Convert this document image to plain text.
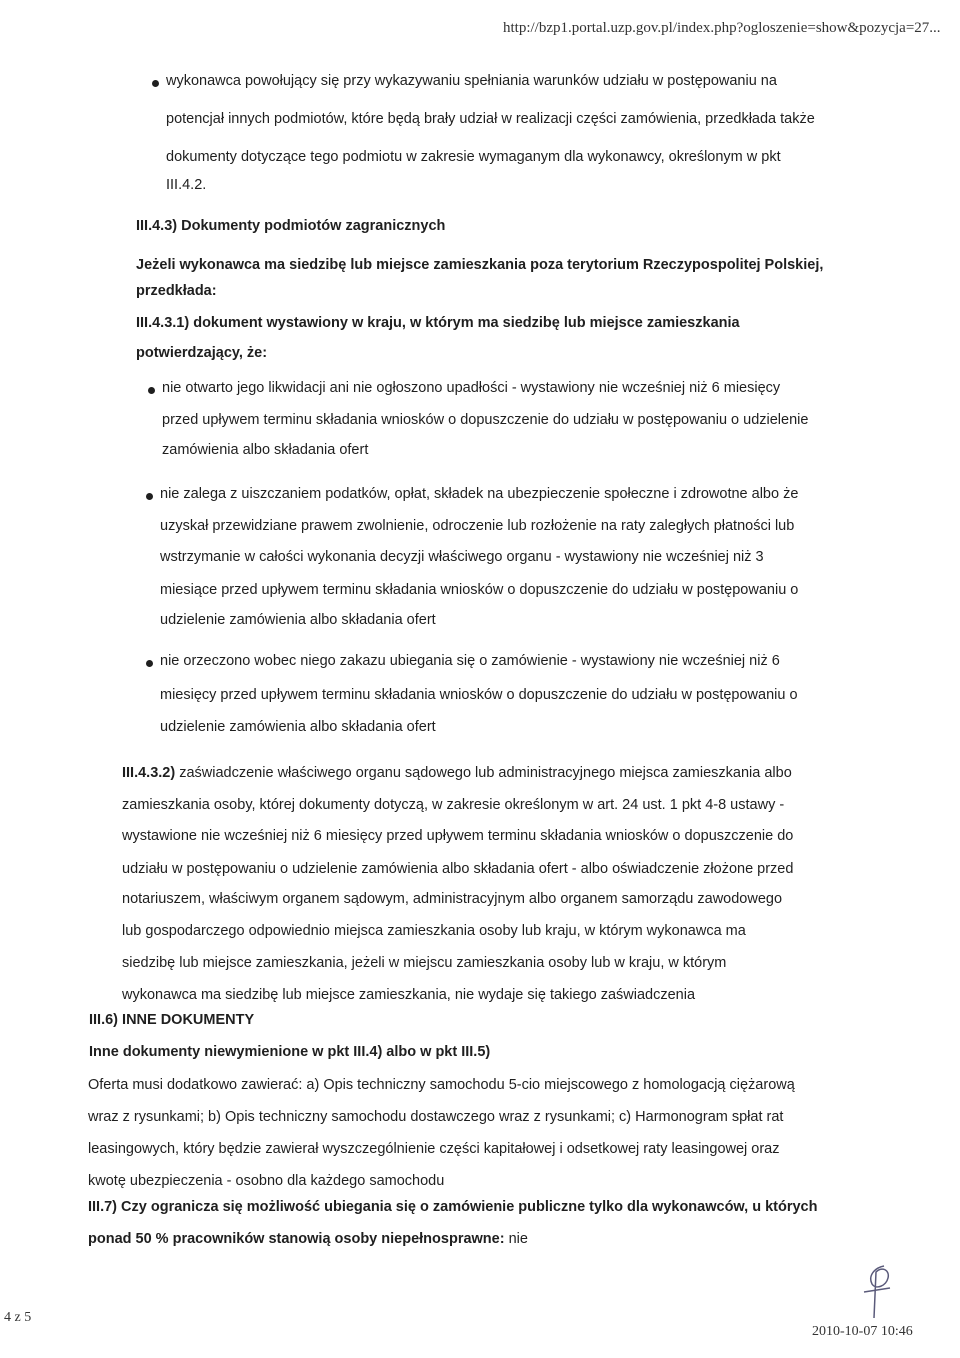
http://bzp1.portal.uzp.gov.pl/index.php?ogloszenie=show&pozycja=27...
wykonawca powołujący się przy wykazywaniu spełniania warunków udziału w postępowaniu na
potencjał innych podmiotów, które będą brały udział w realizacji części zamówienia, przedkłada także
dokumenty dotyczące tego podmiotu w zakresie wymaganym dla wykonawcy, określonym w pkt
III.4.2.
III.4.3) Dokumenty podmiotów zagranicznych
Jeżeli wykonawca ma siedzibę lub miejsce zamieszkania poza terytorium Rzeczypospolitej Polskiej,
przedkłada:
III.4.3.1) dokument wystawiony w kraju, w którym ma siedzibę lub miejsce zamieszkania
potwierdzający, że:
nie otwarto jego likwidacji ani nie ogłoszono upadłości - wystawiony nie wcześniej niż 6 miesięcy
przed upływem terminu składania wniosków o dopuszczenie do udziału w postępowaniu o udzielenie
zamówienia albo składania ofert
nie zalega z uiszczaniem podatków, opłat, składek na ubezpieczenie społeczne i zdrowotne albo że
uzyskał przewidziane prawem zwolnienie, odroczenie lub rozłożenie na raty zaległych płatności lub
wstrzymanie w całości wykonania decyzji właściwego organu - wystawiony nie wcześniej niż 3
miesiące przed upływem terminu składania wniosków o dopuszczenie do udziału w postępowaniu o
udzielenie zamówienia albo składania ofert
nie orzeczono wobec niego zakazu ubiegania się o zamówienie - wystawiony nie wcześniej niż 6
miesięcy przed upływem terminu składania wniosków o dopuszczenie do udziału w postępowaniu o
udzielenie zamówienia albo składania ofert
III.4.3.2) zaświadczenie właściwego organu sądowego lub administracyjnego miejsca zamieszkania albo
zamieszkania osoby, której dokumenty dotyczą, w zakresie określonym w art. 24 ust. 1 pkt 4-8 ustawy -
wystawione nie wcześniej niż 6 miesięcy przed upływem terminu składania wniosków o dopuszczenie do
udziału w postępowaniu o udzielenie zamówienia albo składania ofert - albo oświadczenie złożone przed
notariuszem, właściwym organem sądowym, administracyjnym albo organem samorządu zawodowego
lub gospodarczego odpowiednio miejsca zamieszkania osoby lub kraju, w którym wykonawca ma
siedzibę lub miejsce zamieszkania, jeżeli w miejscu zamieszkania osoby lub w kraju, w którym
wykonawca ma siedzibę lub miejsce zamieszkania, nie wydaje się takiego zaświadczenia
III.6) INNE DOKUMENTY
Inne dokumenty niewymienione w pkt III.4) albo w pkt III.5)
Oferta musi dodatkowo zawierać: a) Opis techniczny samochodu 5-cio miejscowego z homologacją ciężarową
wraz z rysunkami; b) Opis techniczny samochodu dostawczego wraz z rysunkami; c) Harmonogram spłat rat
leasingowych, który będzie zawierał wyszczególnienie części kapitałowej i odsetkowej raty leasingowej oraz
kwotę ubezpieczenia - osobno dla każdego samochodu
III.7) Czy ogranicza się możliwość ubiegania się o zamówienie publiczne tylko dla wykonawców, u których
ponad 50 % pracowników stanowią osoby niepełnosprawne: nie
4 z 5
2010-10-07 10:46
